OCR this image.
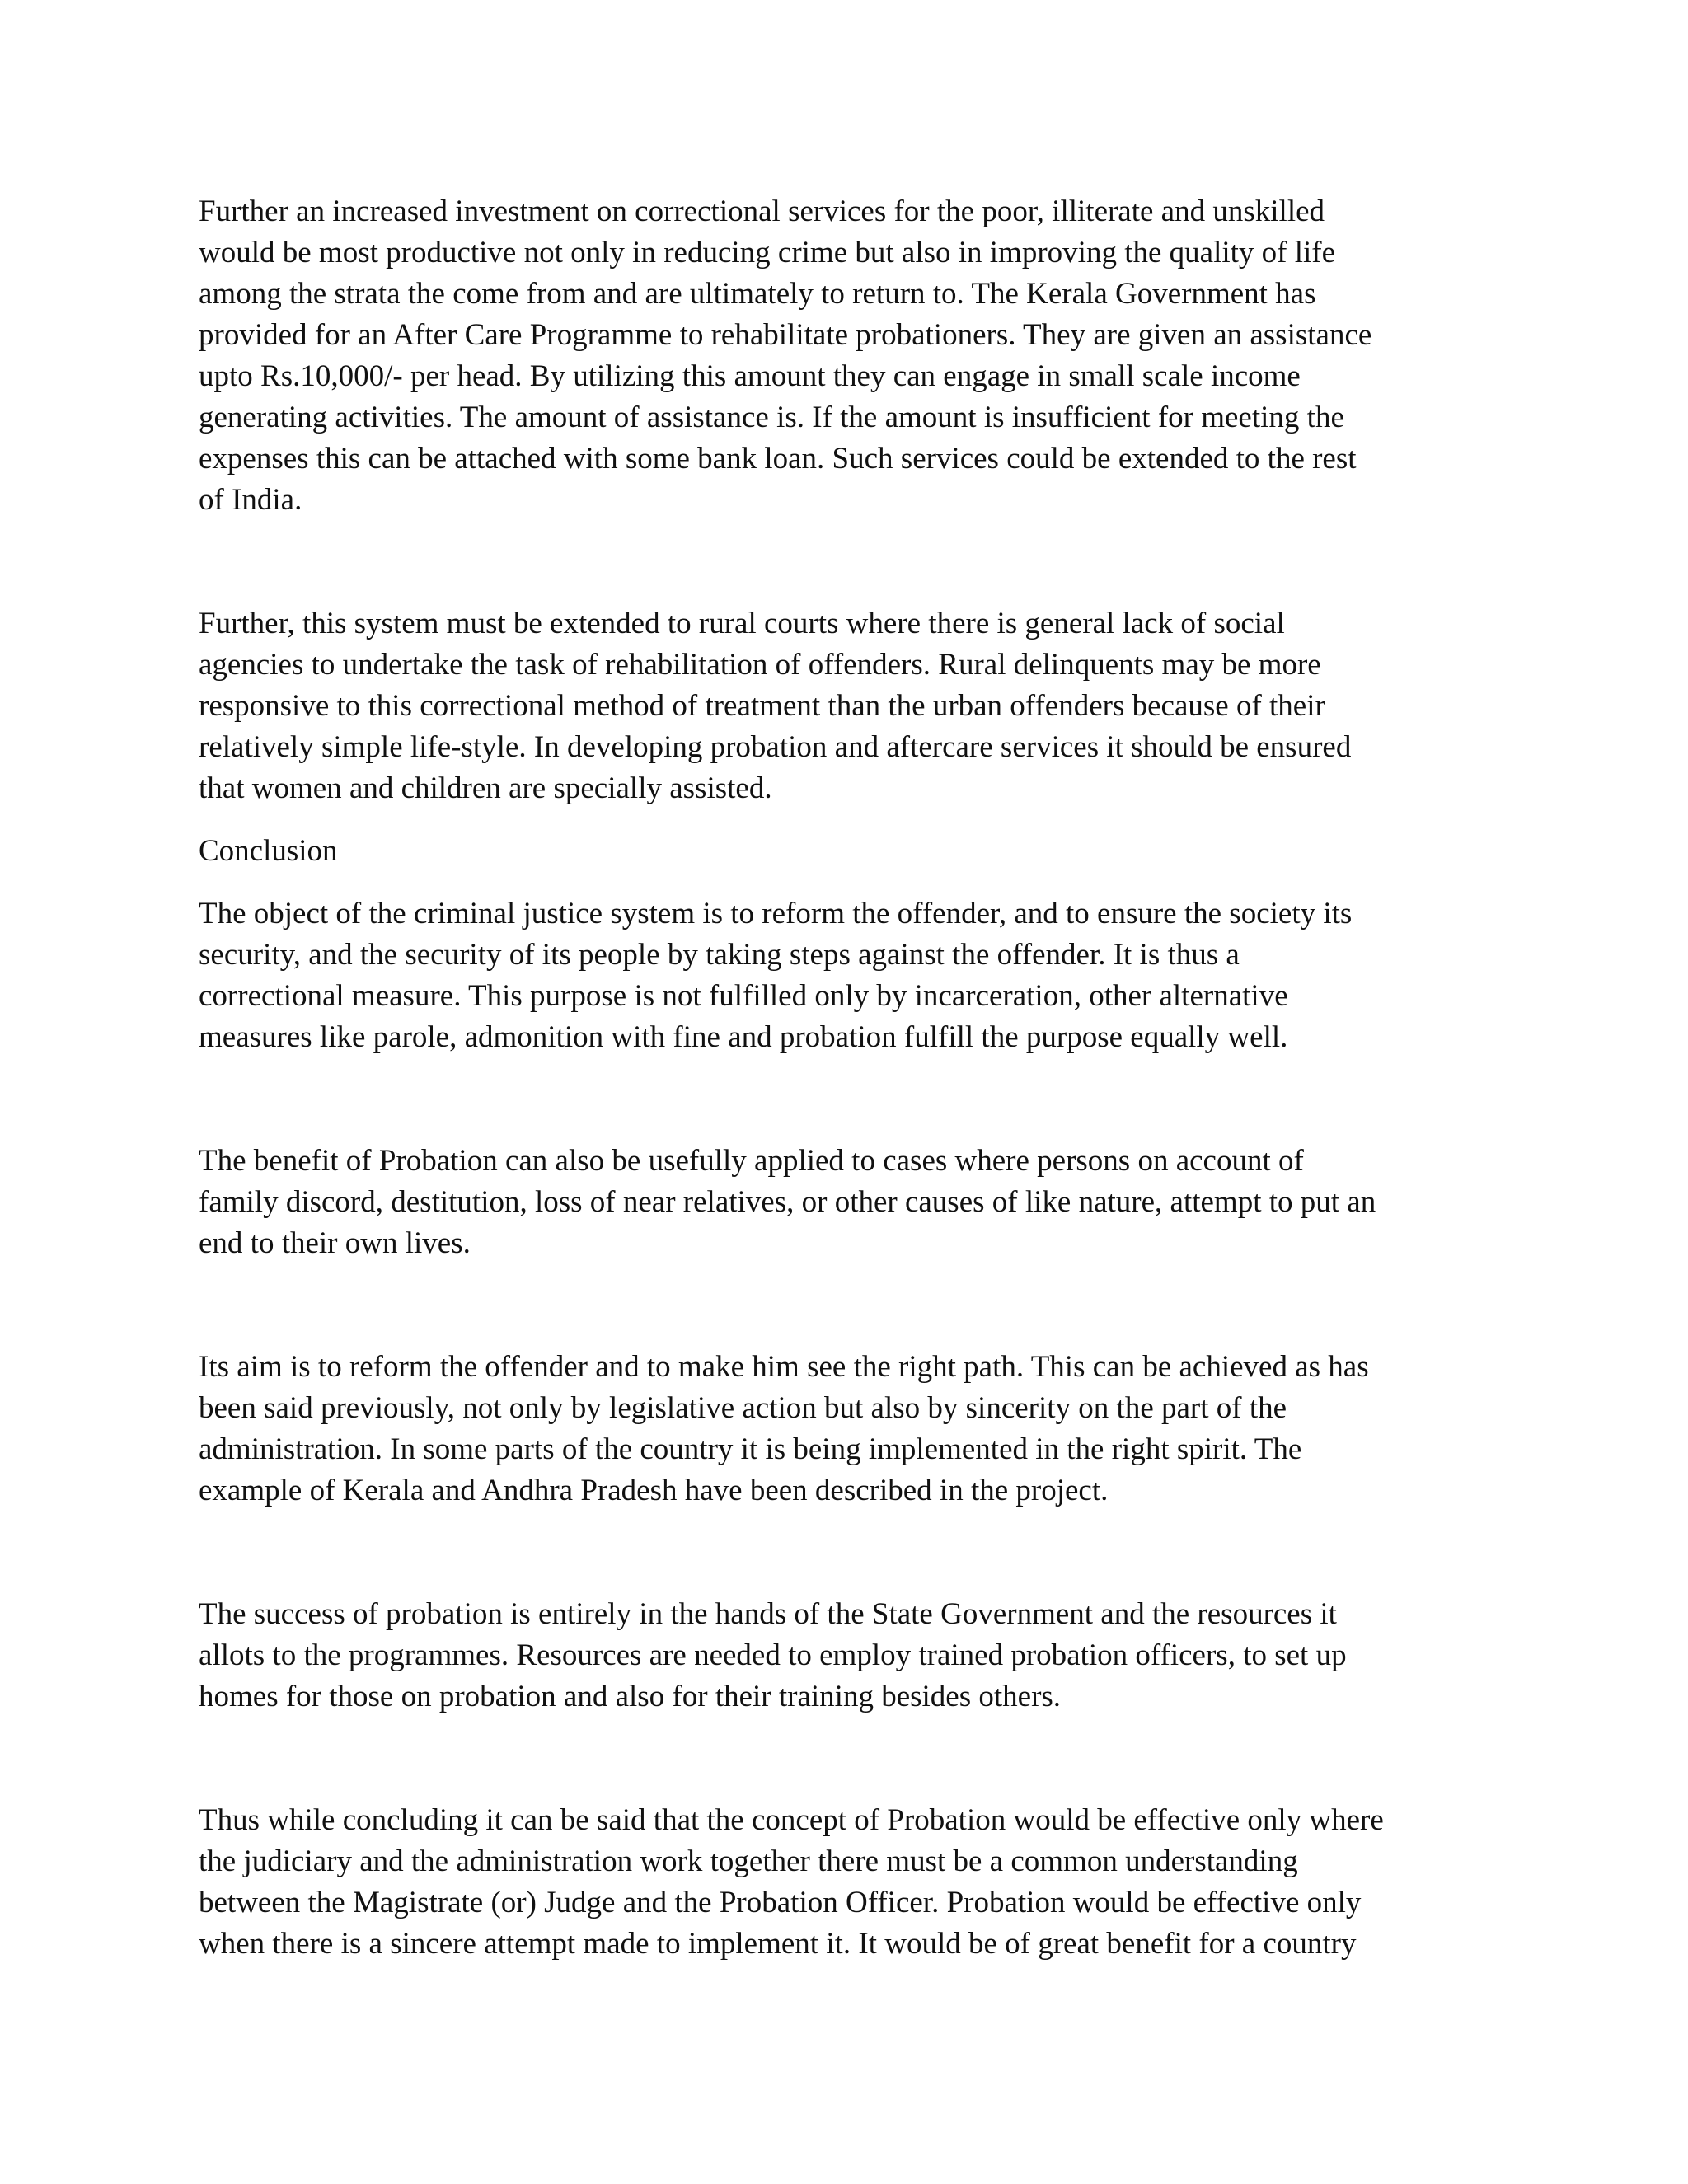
Further an increased investment on correctional services for the poor, illiterate and unskilled
would be most productive not only in reducing crime but also in improving the quality of life
among the strata the come from and are ultimately to return to. The Kerala Government has
provided for an After Care Programme to rehabilitate probationers. They are given an assistance
upto Rs.10,000/- per head. By utilizing this amount they can engage in small scale income
generating activities. The amount of assistance is. If the amount is insufficient for meeting the
expenses this can be attached with some bank loan. Such services could be extended to the rest
of India.

Further, this system must be extended to rural courts where there is general lack of social
agencies to undertake the task of rehabilitation of offenders. Rural delinquents may be more
responsive to this correctional method of treatment than the urban offenders because of their
relatively simple life-style. In developing probation and aftercare services it should be ensured
that women and children are specially assisted.

Conclusion

The object of the criminal justice system is to reform the offender, and to ensure the society its
security, and the security of its people by taking steps against the offender. It is thus a
correctional measure. This purpose is not fulfilled only by incarceration, other alternative
measures like parole, admonition with fine and probation fulfill the purpose equally well.

The benefit of Probation can also be usefully applied to cases where persons on account of
family discord, destitution, loss of near relatives, or other causes of like nature, attempt to put an
end to their own lives.

Its aim is to reform the offender and to make him see the right path. This can be achieved as has
been said previously, not only by legislative action but also by sincerity on the part of the
administration. In some parts of the country it is being implemented in the right spirit. The
example of Kerala and Andhra Pradesh have been described in the project.

The success of probation is entirely in the hands of the State Government and the resources it
allots to the programmes. Resources are needed to employ trained probation officers, to set up
homes for those on probation and also for their training besides others.

Thus while concluding it can be said that the concept of Probation would be effective only where
the judiciary and the administration work together there must be a common understanding
between the Magistrate (or) Judge and the Probation Officer. Probation would be effective only
when there is a sincere attempt made to implement it. It would be of great benefit for a country
